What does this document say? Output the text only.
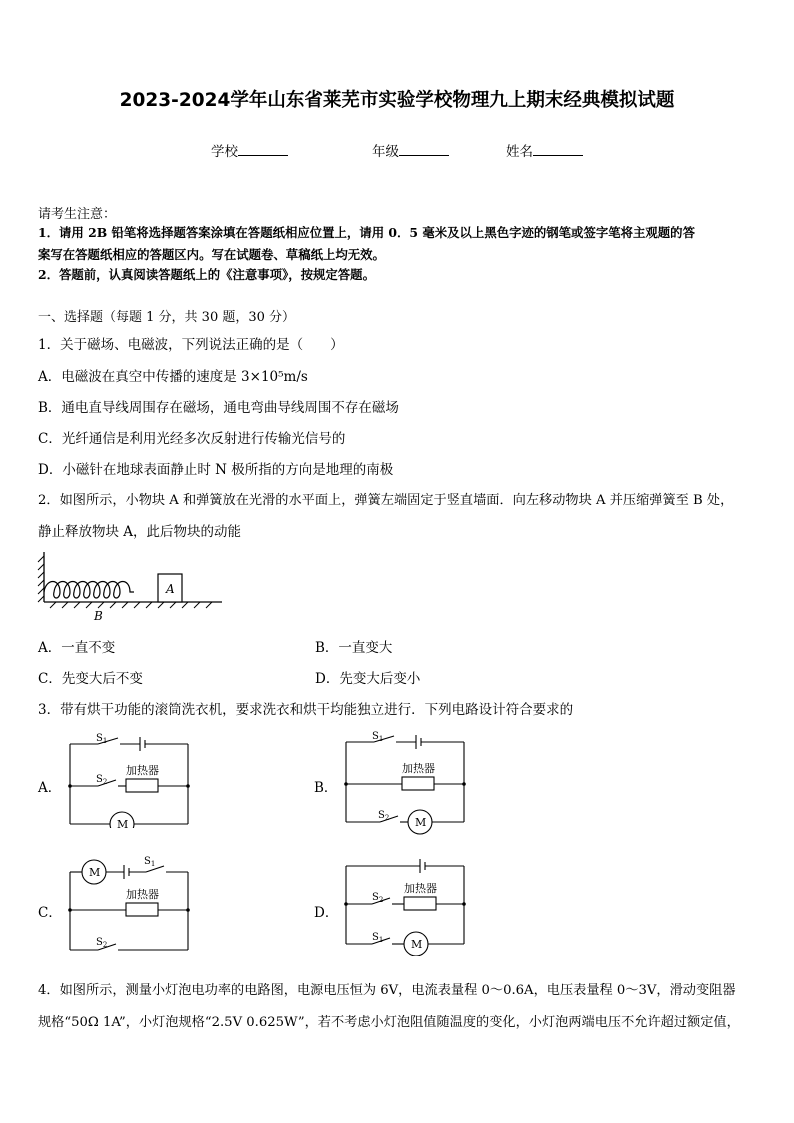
2023-2024学年山东省莱芜市实验学校物理九上期末经典模拟试题
学校	年级	姓名
请考生注意：
1．请用 2B 铅笔将选择题答案涂填在答题纸相应位置上，请用 0．5 毫米及以上黑色字迹的钢笔或签字笔将主观题的答
案写在答题纸相应的答题区内。写在试题卷、草稿纸上均无效。
2．答题前，认真阅读答题纸上的《注意事项》，按规定答题。
一、选择题（每题 1 分，共 30 题，30 分）
1．关于磁场、电磁波，下列说法正确的是（　　）
A．电磁波在真空中传播的速度是 3×10⁵m/s
B．通电直导线周围存在磁场，通电弯曲导线周围不存在磁场
C．光纤通信是利用光经多次反射进行传输光信号的
D．小磁针在地球表面静止时 N 极所指的方向是地理的南极
2．如图所示，小物块 A 和弹簧放在光滑的水平面上，弹簧左端固定于竖直墙面．向左移动物块 A 并压缩弹簧至 B 处，
静止释放物块 A，此后物块的动能
A
B
A．一直不变	B．一直变大
C．先变大后不变	D．先变大后变小
3．带有烘干功能的滚筒洗衣机，要求洗衣和烘干均能独立进行．下列电路设计符合要求的
A．
$S_1$
$S_2$
加热器
M
B．
$S_1$
$S_2$
加热器
M
C．
M
$S_1$
加热器
$S_2$
D．
$S_2$
加热器
$S_1$	M
4．如图所示，测量小灯泡电功率的电路图，电源电压恒为 6V，电流表量程 0～0.6A，电压表量程 0～3V，滑动变阻器
规格“50Ω 1A”，小灯泡规格“2.5V 0.625W”，若不考虑小灯泡阻值随温度的变化，小灯泡两端电压不允许超过额定值，
